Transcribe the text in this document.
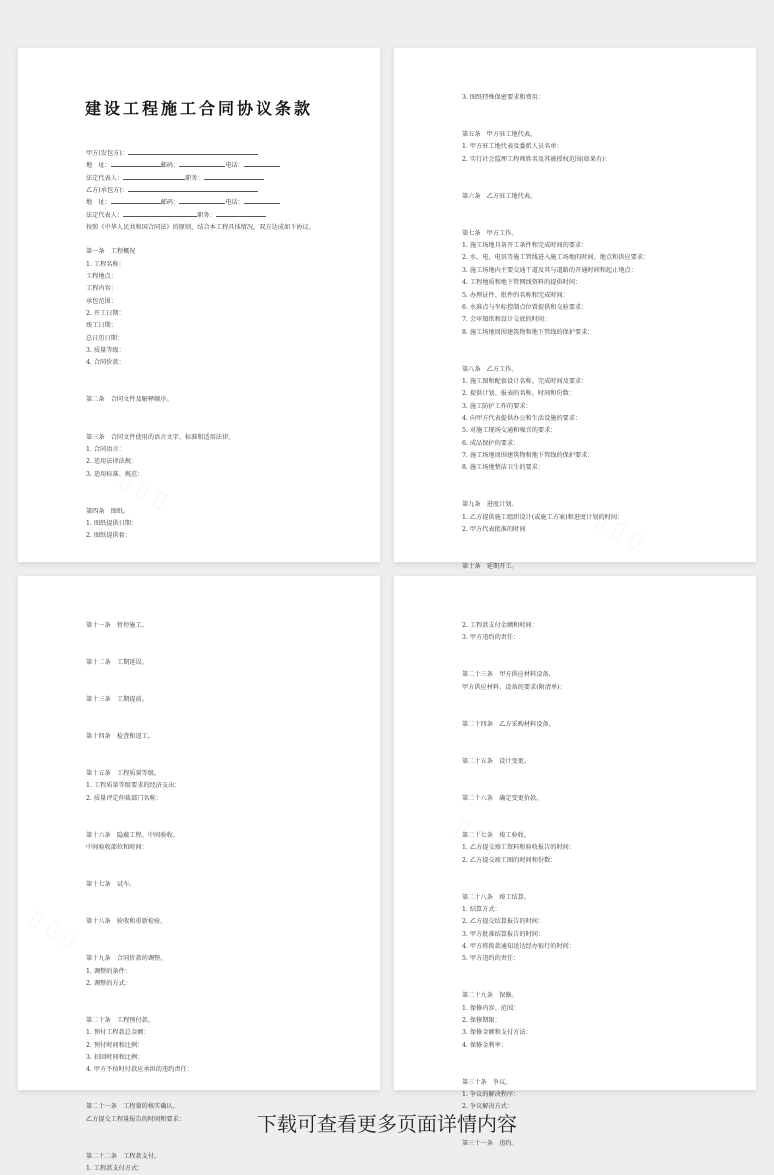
建设工程施工合同协议条款
甲方(发包方)：
地　址：	邮码：	电话：
法定代表人：	职务：
乙方(承包方)：
地　址：	邮码：	电话：
法定代表人：	职务：
按照《中华人民共和国合同法》的原则，结合本工程具体情况，双方达成如下协议。
第一条　工程概况
1. 工程名称：
工程地点：
工程内容：
承包范围：
2. 开工日期：
竣工日期：
总日历日期：
3. 质量等级：
4. 合同价款：
第二条　合同文件及解释顺序。
第三条　合同文件使用的语言文字、标准和适用法律。
1. 合同语言：
2. 适用法律法规：
3. 适用标准、规范：
第四条　图纸。
1. 图纸提供日期：
2. 图纸提供套：
3. 图纸特殊保密要求和费用：
第五条　甲方驻工地代表。
1. 甲方驻工地代表及委派人员名单：
2. 实行社会监理工程师姓名及其被授权范围(如果有)：
第六条　乙方驻工地代表。
第七条　甲方工作。
1. 施工场地具备开工条件和完成时间的要求：
2. 水、电、电讯等施工管线进入施工场地的时间、地点和供应要求：
3. 施工场地内主要交通干道及其与道路的开通时间和起止地点：
4. 工程地质和地下管网线资料的提供时间：
5. 办理证件、批件的名称和完成时间：
6. 水准点与坐标控制点位置提供和交验要求：
7. 会审图纸和设计交底的时间：
8. 施工场地周围建筑物和地下管线的保护要求：
第八条　乙方工作。
1. 施工图和配套设计名称、完成时间及要求：
2. 提供计划、报表的名称、时间和份数：
3. 施工防护工作的要求：
4. 向甲方代表提供办公和生活设施的要求：
5. 对施工现场交通和噪音的要求：
6. 成品保护的要求：
7. 施工场地周围建筑物和地下管线的保护要求：
8. 施工场地整洁卫生的要求：
第九条　进度计划。
1. 乙方提供施工组织设计(或施工方案)和进度计划的时间：
2. 甲方代表批准的时间
第十条　延期开工。
第十一条　暂停施工。
第十二条　工期延误。
第十三条　工期提前。
第十四条　检查和返工。
第十五条　工程质量等级。
1. 工程质量等级要求的经济支出：
2. 质量评定仲裁部门名称：
第十六条　隐蔽工程、中间验收。
中间验收部位和时间：
第十七条　试车。
第十八条　验收和重新检验。
第十九条　合同价款的调整。
1. 调整的条件：
2. 调整的方式：
第二十条　工程预付款。
1. 预付工程款总金额：
2. 预付时间和比例：
3. 扣回时间和比例：
4. 甲方不按时付款应承担的违约责任：
第二十一条　工程量的核实确认。
乙方提交工程量报告的时间和要求：
第二十二条　工程款支付。
1. 工程款支付方式：
2. 工程款支付金额和时间：
3. 甲方违约的责任：
第二十三条　甲方供应材料设备。
甲方供应材料、设备的要求(附清单)：
第二十四条　乙方采购材料设备。
第二十五条　设计变更。
第二十六条　确定变更价款。
第二十七条　竣工验收。
1. 乙方提交竣工资料和验收报告的时间：
2. 乙方提交竣工图的时间和份数：
第二十八条　竣工结算。
1. 结算方式：
2. 乙方提交结算报告的时间：
3. 甲方批准结算报告的时间：
4. 甲方将拨款通知送达经办银行的时间：
5. 甲方违约的责任：
第二十九条　保修。
1. 保修内容、范围：
2. 保修期限：
3. 保修金额和支付方法：
4. 保修金利率：
第三十条　争议。
1. 争议的解决程序：
2. 争议解决方式：
第三十一条　违约。
下载可查看更多页面详情内容
